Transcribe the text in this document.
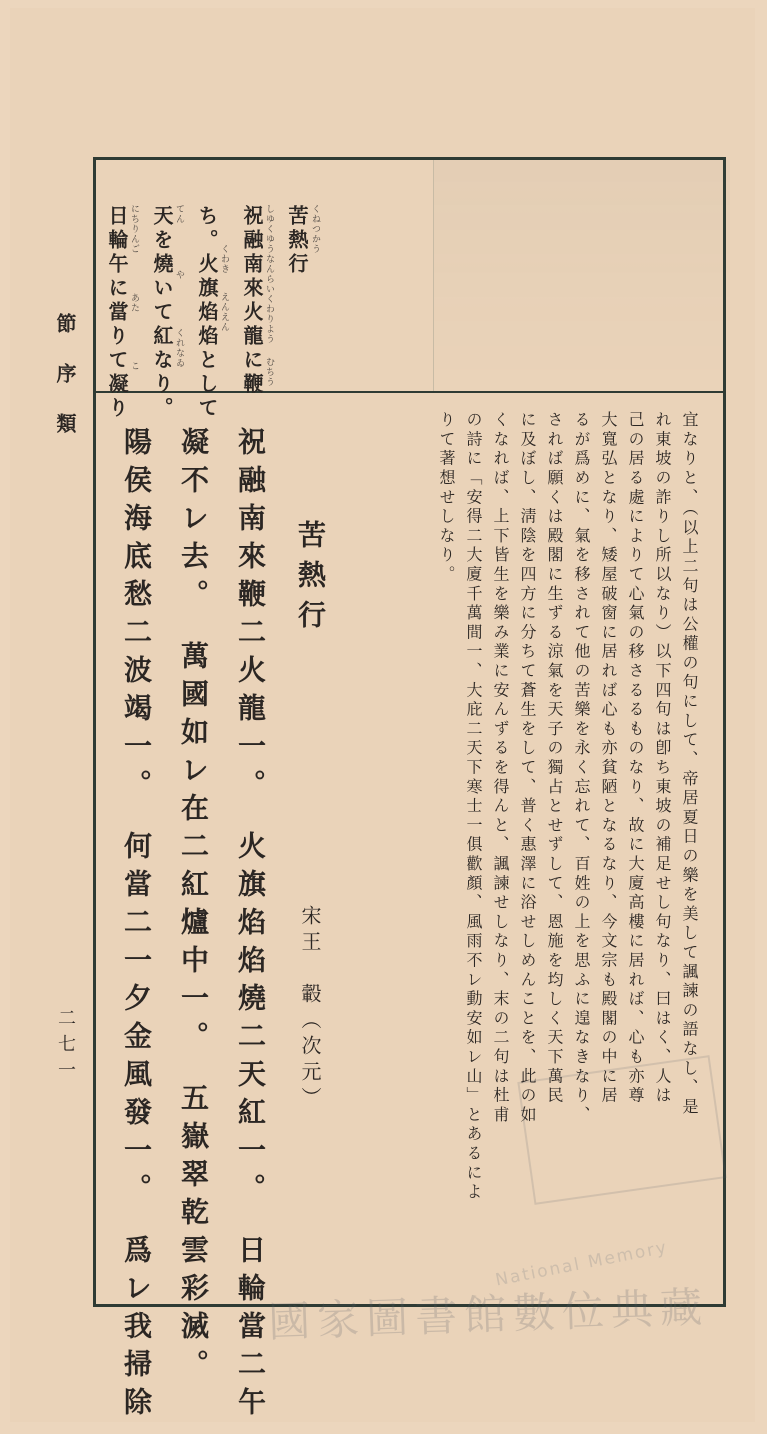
苦熱行 くねつかう
祝融南來火龍に鞭 しゆくゆうなんらいくわりよう
むちう
ち。火旗焰焰として くわき
えんえん
天を燒いて紅なり。 てん
や
くれなゐ
日輪午に當りて凝り にちりんご
あた
こ
宜なりと、（以上二句は公權の句にして、帝居夏日の樂を美して諷諫の語なし、是
れ東坡の詐りし所以なり）以下四句は卽ち東坡の補足せし句なり、曰はく、人は
己の居る處によりて心氣の移さるるものなり、故に大廈高樓に居れば、心も亦尊
大寬弘となり、矮屋破窗に居れば心も亦貧陋となるなり、今文宗も殿閣の中に居
るが爲めに、氣を移されて他の苦樂を永く忘れて、百姓の上を思ふに遑なきなり、
されば願くは殿閣に生ずる涼氣を天子の獨占とせずして、恩施を均しく天下萬民
に及ぼし、淸陰を四方に分ちて蒼生をして、普く惠澤に浴せしめんことを、此の如
くなれば、上下皆生を樂み業に安んずるを得んと、諷諫せしなり、末の二句は杜甫
の詩に「安得二大廈千萬間一、大庇二天下寒士一俱歡顏、風雨不レ動安如レ山」とあるによ
りて著想せしなり。
苦熱行
宋王　轂（次元）
祝融南來鞭二火龍一。　火旗焰焰燒二天紅一。　日輪當二午
凝不レ去。　萬國如レ在二紅爐中一。　五嶽翠乾雲彩滅。
陽侯海底愁二波竭一。　何當二一夕金風發一。　爲レ我掃除
節序類
二七一
國家圖書館數位典藏
National Memory
